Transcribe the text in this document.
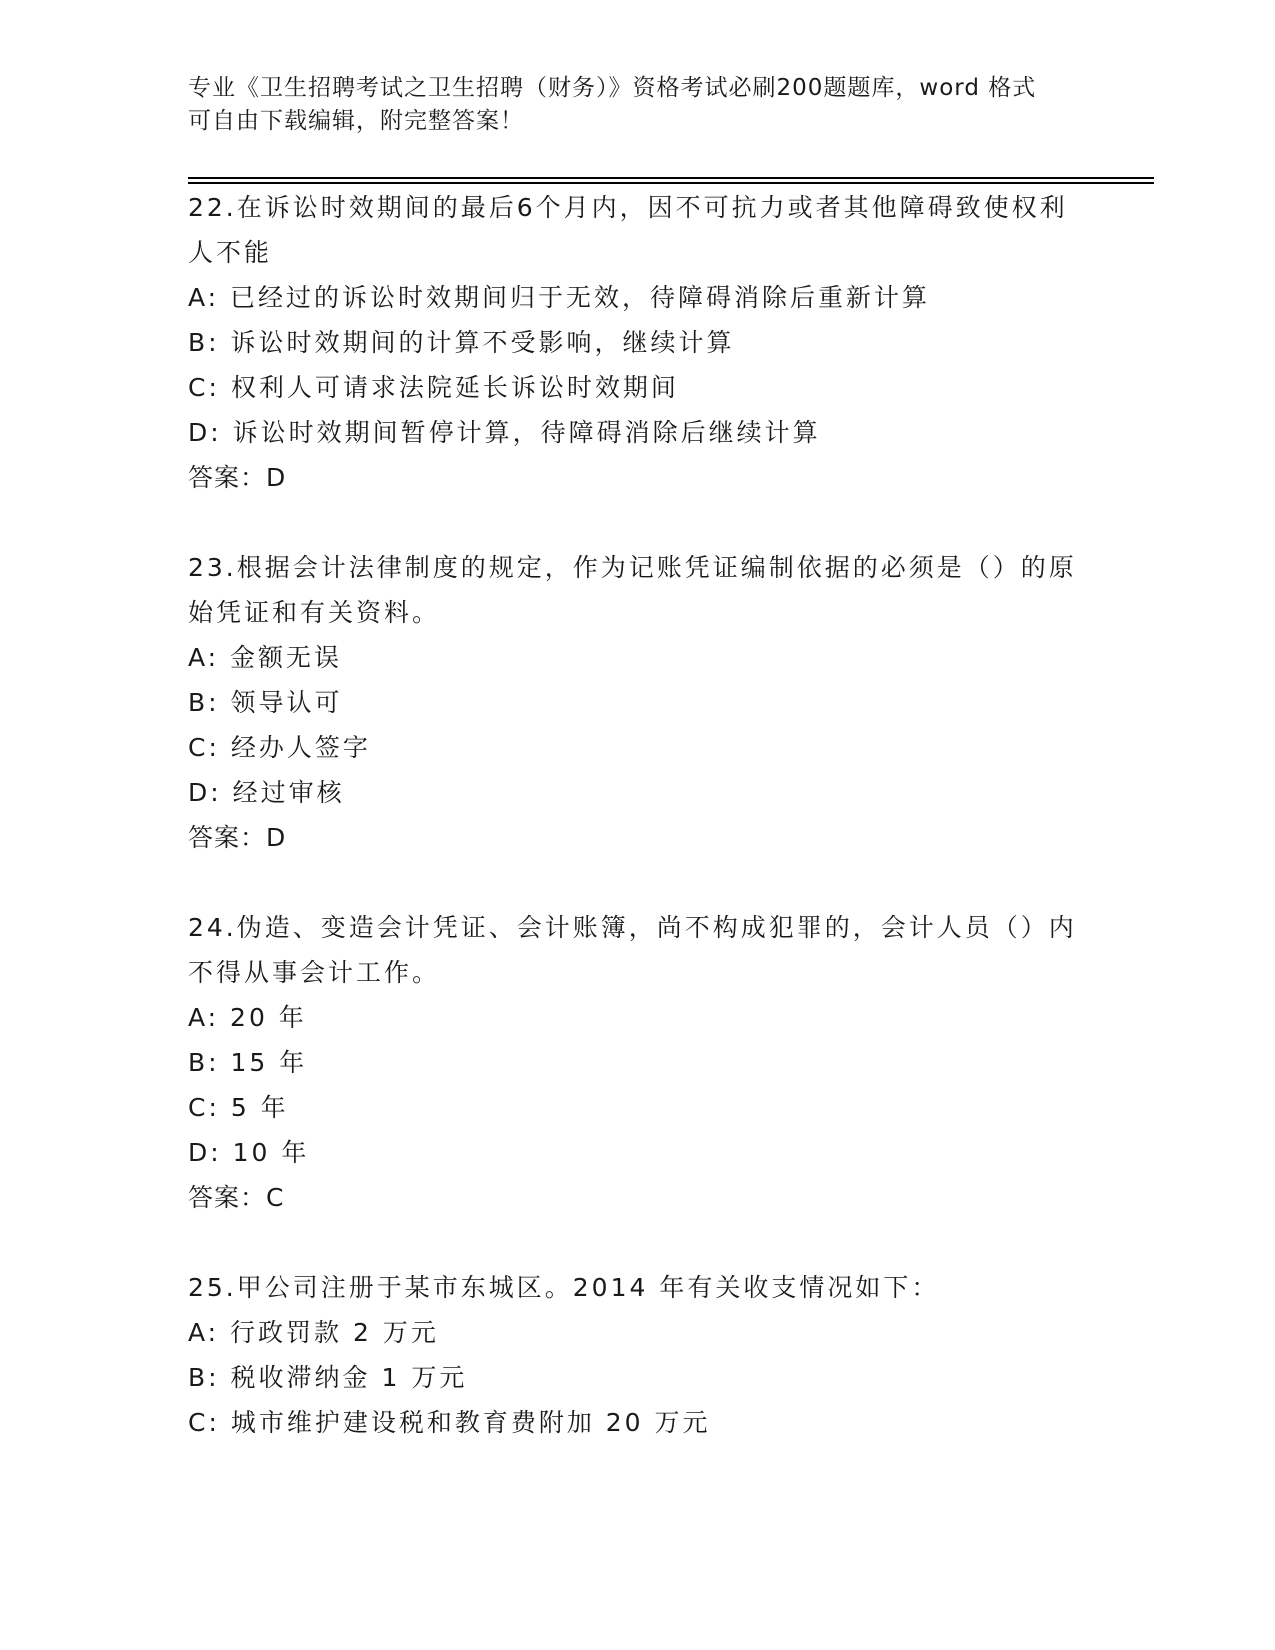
专业《卫生招聘考试之卫生招聘（财务）》资格考试必刷200题题库，word 格式
可自由下载编辑，附完整答案！

22.在诉讼时效期间的最后6个月内，因不可抗力或者其他障碍致使权利人不能

A: 已经过的诉讼时效期间归于无效，待障碍消除后重新计算
B: 诉讼时效期间的计算不受影响，继续计算
C: 权利人可请求法院延长诉讼时效期间
D: 诉讼时效期间暂停计算，待障碍消除后继续计算
答案：D

23.根据会计法律制度的规定，作为记账凭证编制依据的必须是（）的原始凭证和有关资料。

A: 金额无误
B: 领导认可
C: 经办人签字
D: 经过审核
答案：D

24.伪造、变造会计凭证、会计账簿，尚不构成犯罪的，会计人员（）内不得从事会计工作。

A: 20 年
B: 15 年
C: 5 年
D: 10 年
答案：C

25.甲公司注册于某市东城区。2014 年有关收支情况如下：

A: 行政罚款 2 万元
B: 税收滞纳金 1 万元
C: 城市维护建设税和教育费附加 20 万元
